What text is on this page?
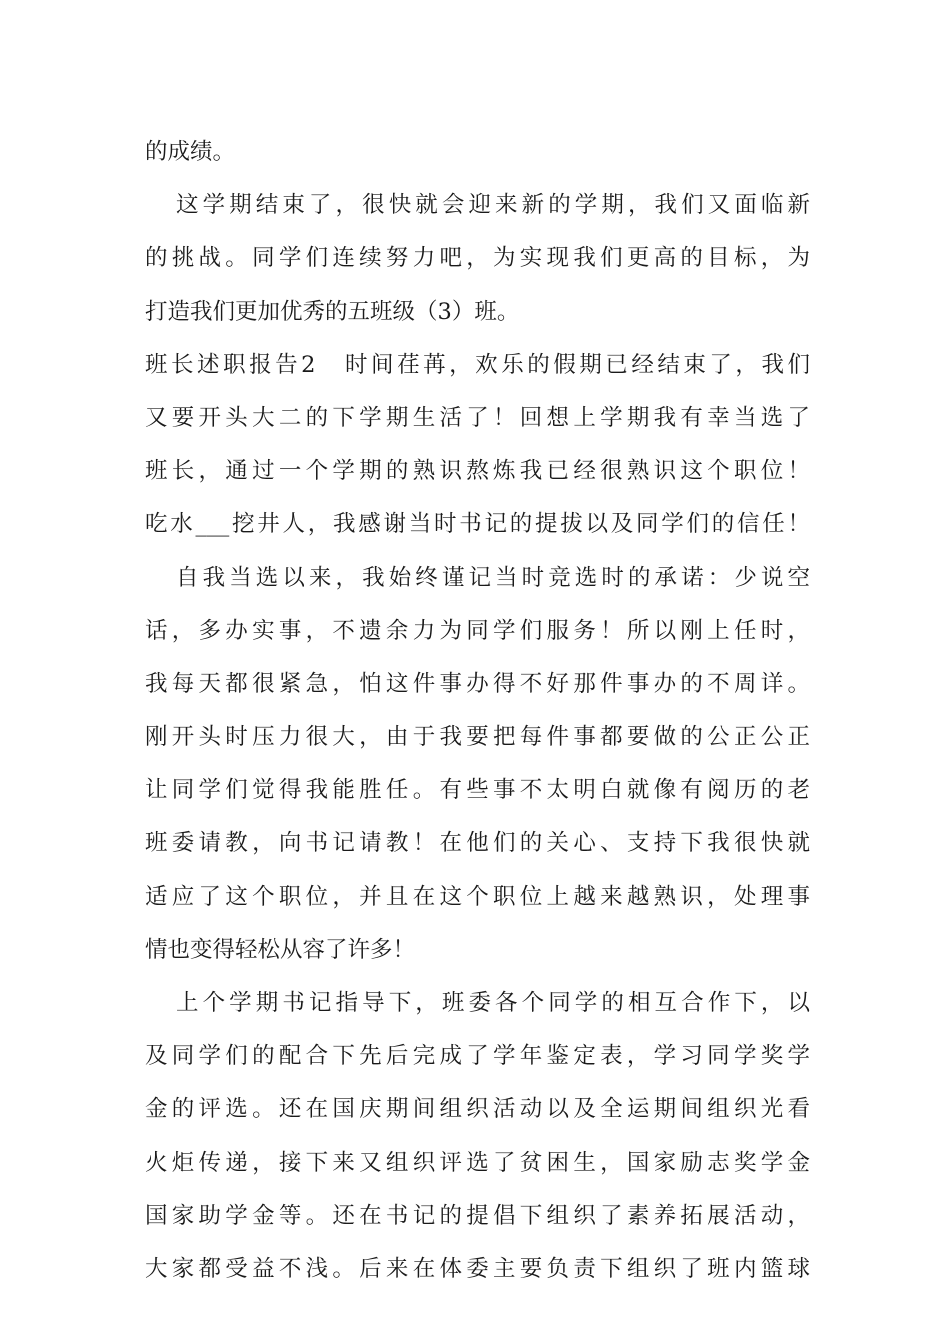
的成绩。
这学期结束了，很快就会迎来新的学期，我们又面临新
的挑战。同学们连续努力吧，为实现我们更高的目标，为
打造我们更加优秀的五班级（3）班。
班长述职报告2　时间荏苒，欢乐的假期已经结束了，我们
又要开头大二的下学期生活了！回想上学期我有幸当选了
班长，通过一个学期的熟识熬炼我已经很熟识这个职位！
吃水___挖井人，我感谢当时书记的提拔以及同学们的信任！
自我当选以来，我始终谨记当时竞选时的承诺：少说空
话，多办实事，不遗余力为同学们服务！所以刚上任时，
我每天都很紧急，怕这件事办得不好那件事办的不周详。
刚开头时压力很大，由于我要把每件事都要做的公正公正
让同学们觉得我能胜任。有些事不太明白就像有阅历的老
班委请教，向书记请教！在他们的关心、支持下我很快就
适应了这个职位，并且在这个职位上越来越熟识，处理事
情也变得轻松从容了许多！
上个学期书记指导下，班委各个同学的相互合作下，以
及同学们的配合下先后完成了学年鉴定表，学习同学奖学
金的评选。还在国庆期间组织活动以及全运期间组织光看
火炬传递，接下来又组织评选了贫困生，国家励志奖学金
国家助学金等。还在书记的提倡下组织了素养拓展活动，
大家都受益不浅。后来在体委主要负责下组织了班内篮球
